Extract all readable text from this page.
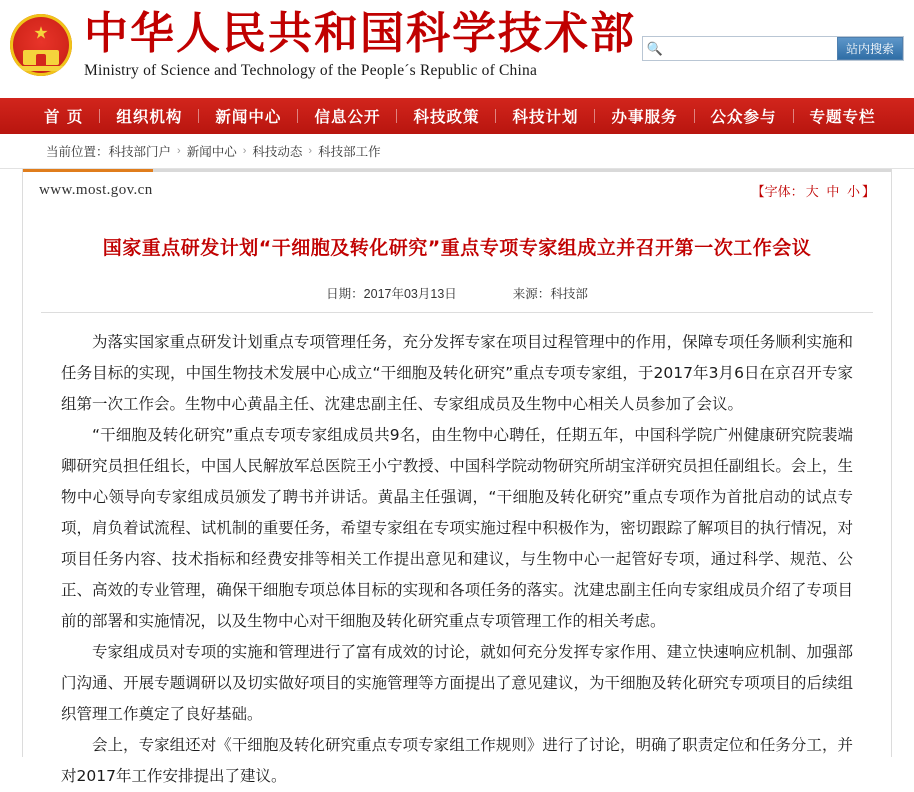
★ 中华人民共和国科学技术部
Ministry of Science and Technology of the People´s Republic of China
🔍	站内搜索
首 页	组织机构	新闻中心	信息公开	科技政策	科技计划	办事服务	公众参与	专题专栏
当前位置： 科技部门户 › 新闻中心 › 科技动态 › 科技部工作
www.most.gov.cn	【字体： 大 中 小 】
国家重点研发计划“干细胞及转化研究”重点专项专家组成立并召开第一次工作会议
日期：2017年03月13日	来源：科技部

为落实国家重点研发计划重点专项管理任务，充分发挥专家在项目过程管理中的作用，保障专项任务顺利实施和任务目标的实现，中国生物技术发展中心成立“干细胞及转化研究”重点专项专家组，于2017年3月6日在京召开专家组第一次工作会。生物中心黄晶主任、沈建忠副主任、专家组成员及生物中心相关人员参加了会议。

“干细胞及转化研究”重点专项专家组成员共9名，由生物中心聘任，任期五年，中国科学院广州健康研究院裴端卿研究员担任组长，中国人民解放军总医院王小宁教授、中国科学院动物研究所胡宝洋研究员担任副组长。会上，生物中心领导向专家组成员颁发了聘书并讲话。黄晶主任强调，“干细胞及转化研究”重点专项作为首批启动的试点专项，肩负着试流程、试机制的重要任务，希望专家组在专项实施过程中积极作为，密切跟踪了解项目的执行情况，对项目任务内容、技术指标和经费安排等相关工作提出意见和建议，与生物中心一起管好专项，通过科学、规范、公正、高效的专业管理，确保干细胞专项总体目标的实现和各项任务的落实。沈建忠副主任向专家组成员介绍了专项目前的部署和实施情况，以及生物中心对干细胞及转化研究重点专项管理工作的相关考虑。

专家组成员对专项的实施和管理进行了富有成效的讨论，就如何充分发挥专家作用、建立快速响应机制、加强部门沟通、开展专题调研以及切实做好项目的实施管理等方面提出了意见建议，为干细胞及转化研究专项项目的后续组织管理工作奠定了良好基础。

会上，专家组还对《干细胞及转化研究重点专项专家组工作规则》进行了讨论，明确了职责定位和任务分工，并对2017年工作安排提出了建议。
